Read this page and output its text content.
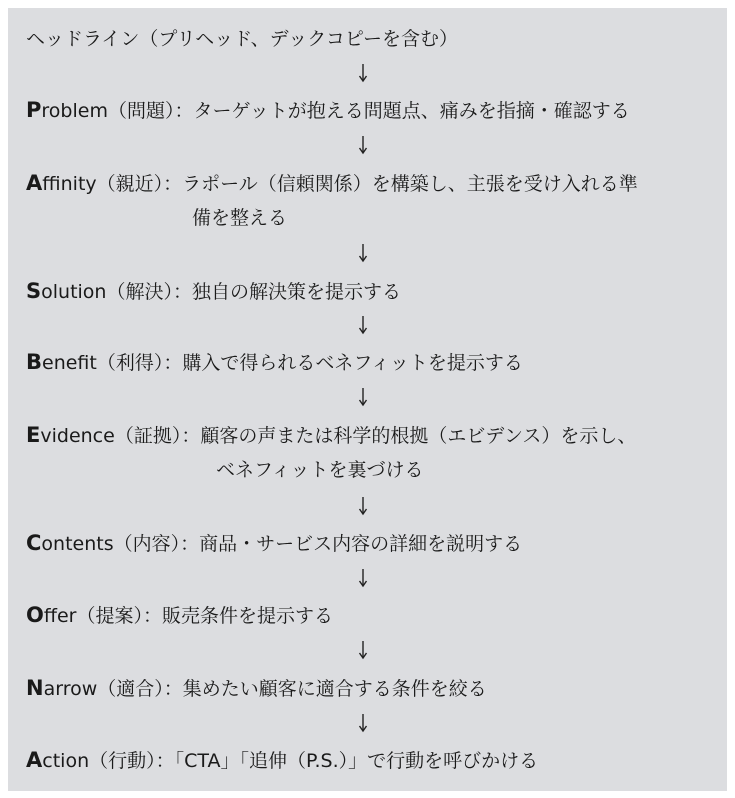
ヘッドライン（プリヘッド、デックコピーを含む）
Problem（問題）：ターゲットが抱える問題点、痛みを指摘・確認する
Affinity（親近）：ラポール（信頼関係）を構築し、主張を受け入れる準
備を整える
Solution（解決）：独自の解決策を提示する
Benefit（利得）：購入で得られるベネフィットを提示する
Evidence（証拠）：顧客の声または科学的根拠（エビデンス）を示し、
ベネフィットを裏づける
Contents（内容）：商品・サービス内容の詳細を説明する
Offer（提案）：販売条件を提示する
Narrow（適合）：集めたい顧客に適合する条件を絞る
Action（行動）：「CTA」「追伸（P.S.）」で行動を呼びかける
